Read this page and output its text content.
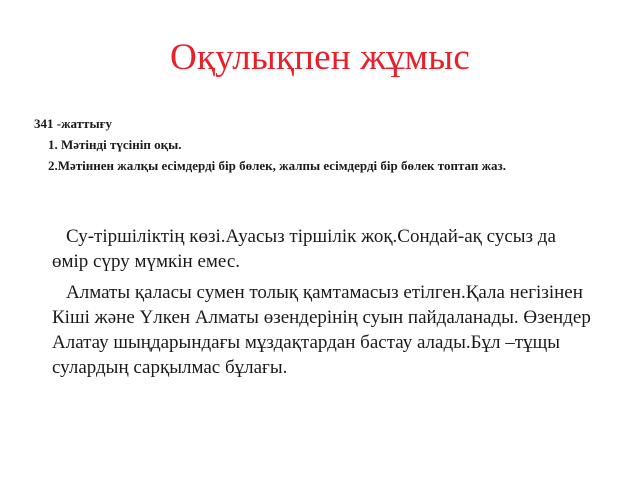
Оқулықпен жұмыс
341 -жаттығу
1. Мәтінді түсініп оқы.
2.Мәтіннен жалқы есімдерді бір бөлек, жалпы есімдерді бір бөлек топтап жаз.

Су-тіршіліктің көзі.Ауасыз тіршілік жоқ.Сондай-ақ сусыз да өмір сүру мүмкін емес.

Алматы қаласы сумен толық қамтамасыз етілген.Қала негізінен Кіші және Үлкен Алматы өзендерінің суын пайдаланады. Өзендер Алатау шыңдарындағы мұздақтардан бастау алады.Бұл –тұщы сулардың сарқылмас бұлағы.
